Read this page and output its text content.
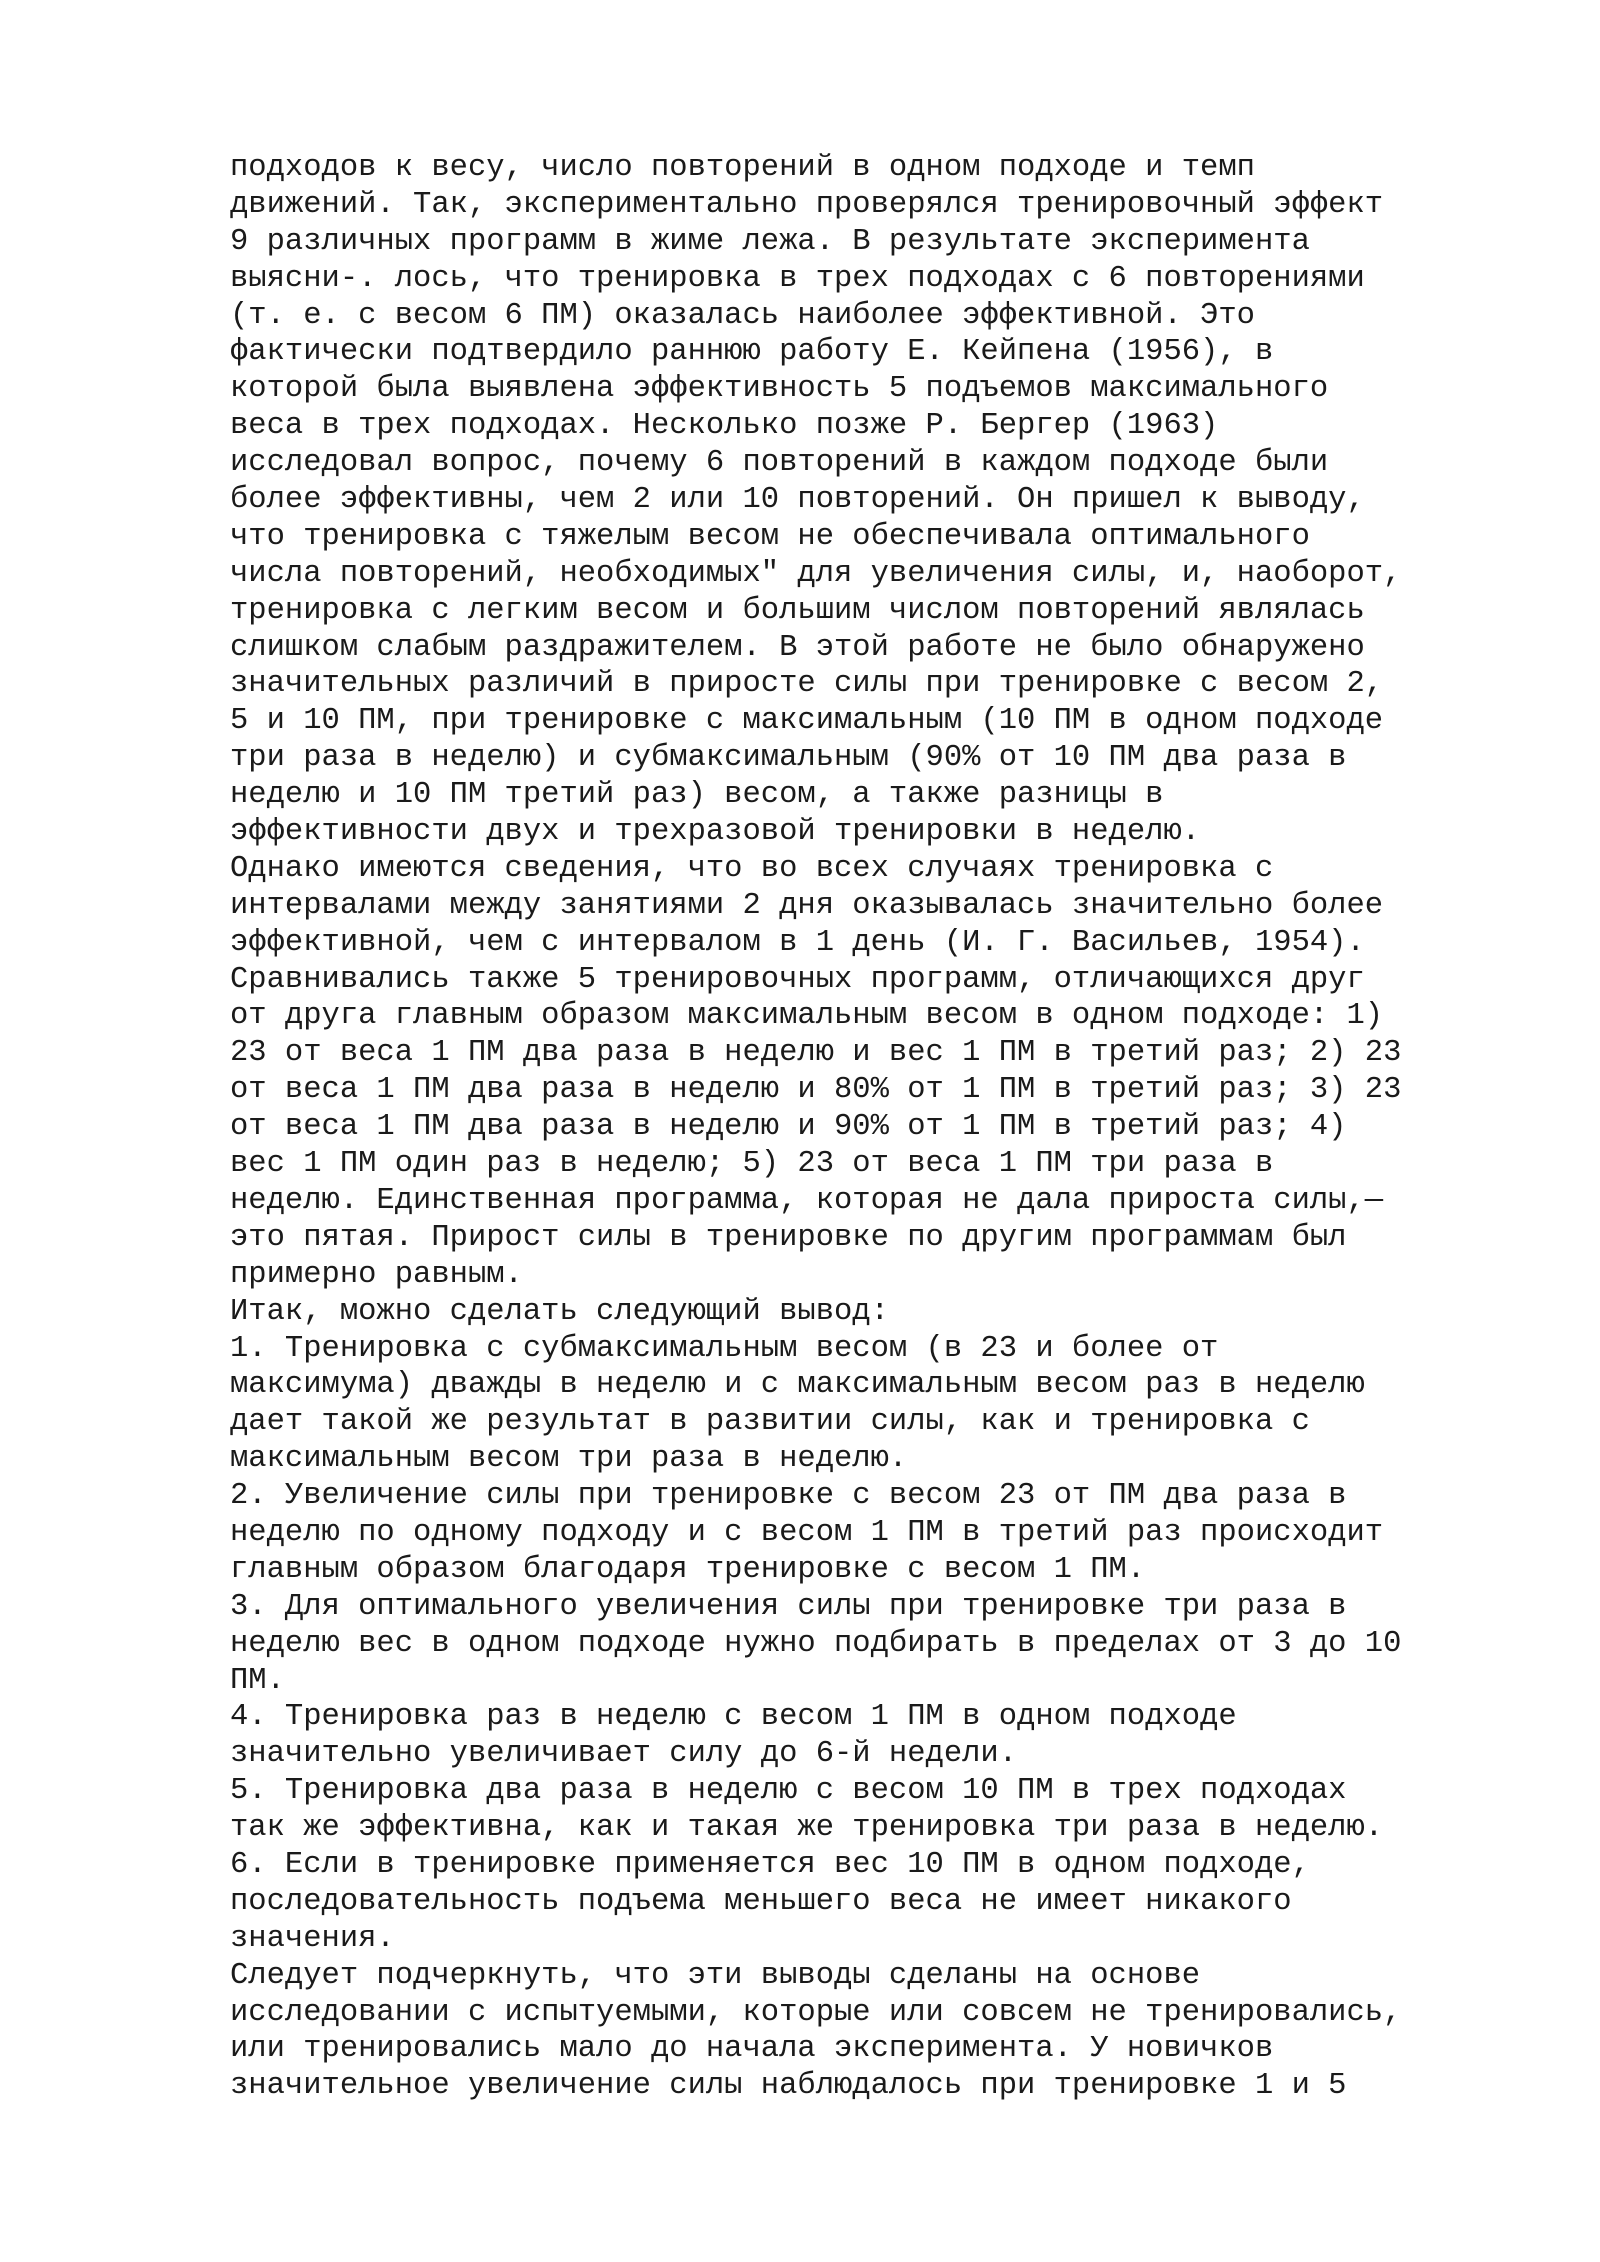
подходов к весу, число повторений в одном подходе и темп
движений. Так, экспериментально проверялся тренировочный эффект
9 различных программ в жиме лежа. В результате эксперимента
выясни-. лось, что тренировка в трех подходах с 6 повторениями
(т. е. с весом 6 ПМ) оказалась наиболее эффективной. Это
фактически подтвердило раннюю работу Е. Кейпена (1956), в
которой была выявлена эффективность 5 подъемов максимального
веса в трех подходах. Несколько позже Р. Бергер (1963)
исследовал вопрос, почему 6 повторений в каждом подходе были
более эффективны, чем 2 или 10 повторений. Он пришел к выводу,
что тренировка с тяжелым весом не обеспечивала оптимального
числа повторений, необходимых" для увеличения силы, и, наоборот,
тренировка с легким весом и большим числом повторений являлась
слишком слабым раздражителем. В этой работе не было обнаружено
значительных различий в приросте силы при тренировке с весом 2,
5 и 10 ПМ, при тренировке с максимальным (10 ПМ в одном подходе
три раза в неделю) и субмаксимальным (90% от 10 ПМ два раза в
неделю и 10 ПМ третий раз) весом, а также разницы в
эффективности двух и трехразовой тренировки в неделю.
Однако имеются сведения, что во всех случаях тренировка с
интервалами между занятиями 2 дня оказывалась значительно более
эффективной, чем с интервалом в 1 день (И. Г. Васильев, 1954).
Сравнивались также 5 тренировочных программ, отличающихся друг
от друга главным образом максимальным весом в одном подходе: 1)
23 от веса 1 ПМ два раза в неделю и вес 1 ПМ в третий раз; 2) 23
от веса 1 ПМ два раза в неделю и 80% от 1 ПМ в третий раз; 3) 23
от веса 1 ПМ два раза в неделю и 90% от 1 ПМ в третий раз; 4)
вес 1 ПМ один раз в неделю; 5) 23 от веса 1 ПМ три раза в
неделю. Единственная программа, которая не дала прироста силы,—
это пятая. Прирост силы в тренировке по другим программам был
примерно равным.
Итак, можно сделать следующий вывод:
1. Тренировка с субмаксимальным весом (в 23 и более от
максимума) дважды в неделю и с максимальным весом раз в неделю
дает такой же результат в развитии силы, как и тренировка с
максимальным весом три раза в неделю.
2. Увеличение силы при тренировке с весом 23 от ПМ два раза в
неделю по одному подходу и с весом 1 ПМ в третий раз происходит
главным образом благодаря тренировке с весом 1 ПМ.
3. Для оптимального увеличения силы при тренировке три раза в
неделю вес в одном подходе нужно подбирать в пределах от 3 до 10
ПМ.
4. Тренировка раз в неделю с весом 1 ПМ в одном подходе
значительно увеличивает силу до 6-й недели.
5. Тренировка два раза в неделю с весом 10 ПМ в трех подходах
так же эффективна, как и такая же тренировка три раза в неделю.
6. Если в тренировке применяется вес 10 ПМ в одном подходе,
последовательность подъема меньшего веса не имеет никакого
значения.
Следует подчеркнуть, что эти выводы сделаны на основе
исследовании с испытуемыми, которые или совсем не тренировались,
или тренировались мало до начала эксперимента. У новичков
значительное увеличение силы наблюдалось при тренировке 1 и 5
